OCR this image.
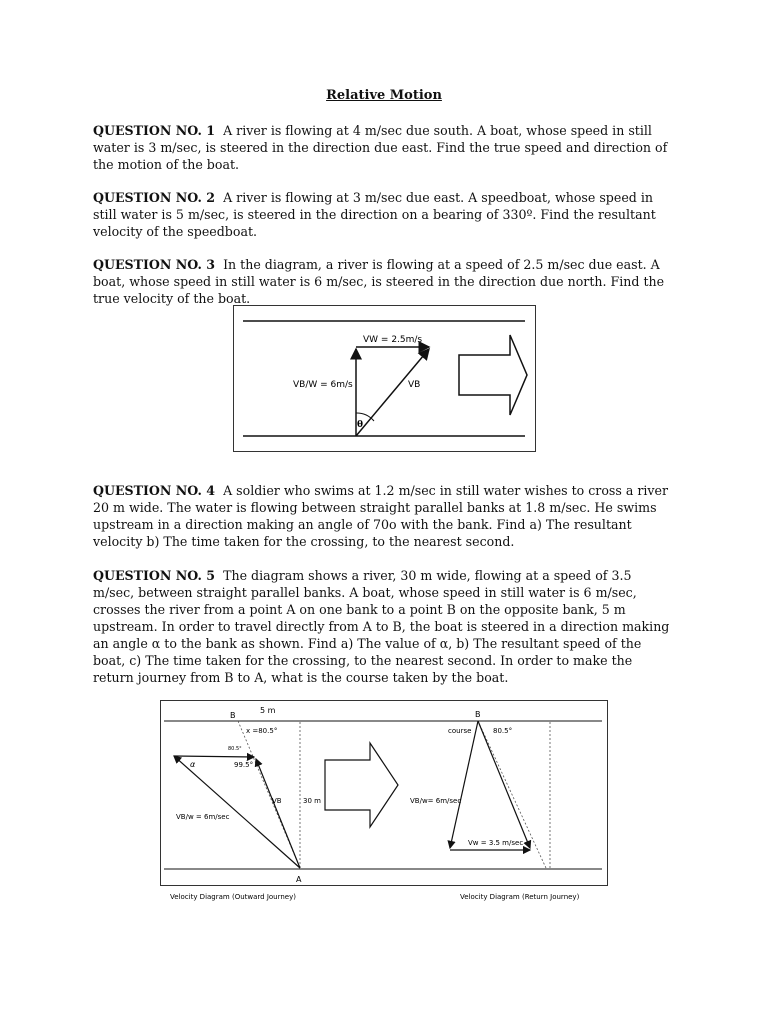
Relative Motion
QUESTION NO. 1 A river is flowing at 4 m/sec due south. A boat, whose speed in still water is 3 m/sec, is steered in the direction due east. Find the true speed and direction of the motion of the boat.
QUESTION NO. 2 A river is flowing at 3 m/sec due east. A speedboat, whose speed in still water is 5 m/sec, is steered in the direction on a bearing of 330º. Find the resultant velocity of the speedboat.
QUESTION NO. 3 In the diagram, a river is flowing at a speed of 2.5 m/sec due east. A boat, whose speed in still water is 6 m/sec, is steered in the direction due north. Find the true velocity of the boat.
VW = 2.5m/s
VB/W = 6m/s	VB
θ
QUESTION NO. 4 A soldier who swims at 1.2 m/sec in still water wishes to cross a river 20 m wide. The water is flowing between straight parallel banks at 1.8 m/sec. He swims upstream in a direction making an angle of 70o with the bank. Find a) The resultant velocity b) The time taken for the crossing, to the nearest second.
QUESTION NO. 5 The diagram shows a river, 30 m wide, flowing at a speed of 3.5 m/sec, between straight parallel banks. A boat, whose speed in still water is 6 m/sec, crosses the river from a point A on one bank to a point B on the opposite bank, 5 m upstream. In order to travel directly from A to B, the boat is steered in a direction making an angle α to the bank as shown. Find a) The value of α, b) The resultant speed of the boat, c) The time taken for the crossing, to the nearest second. In order to make the return journey from B to A, what is the course taken by the boat.
B
A
5 m
x =80.5°
80.5°
α	99.5°
VB	30 m
VB/w = 6m/sec
B
course	80.5°
VB/w= 6m/sec
Vw = 3.5 m/sec
Velocity Diagram (Outward Journey)	Velocity Diagram (Return Journey)
